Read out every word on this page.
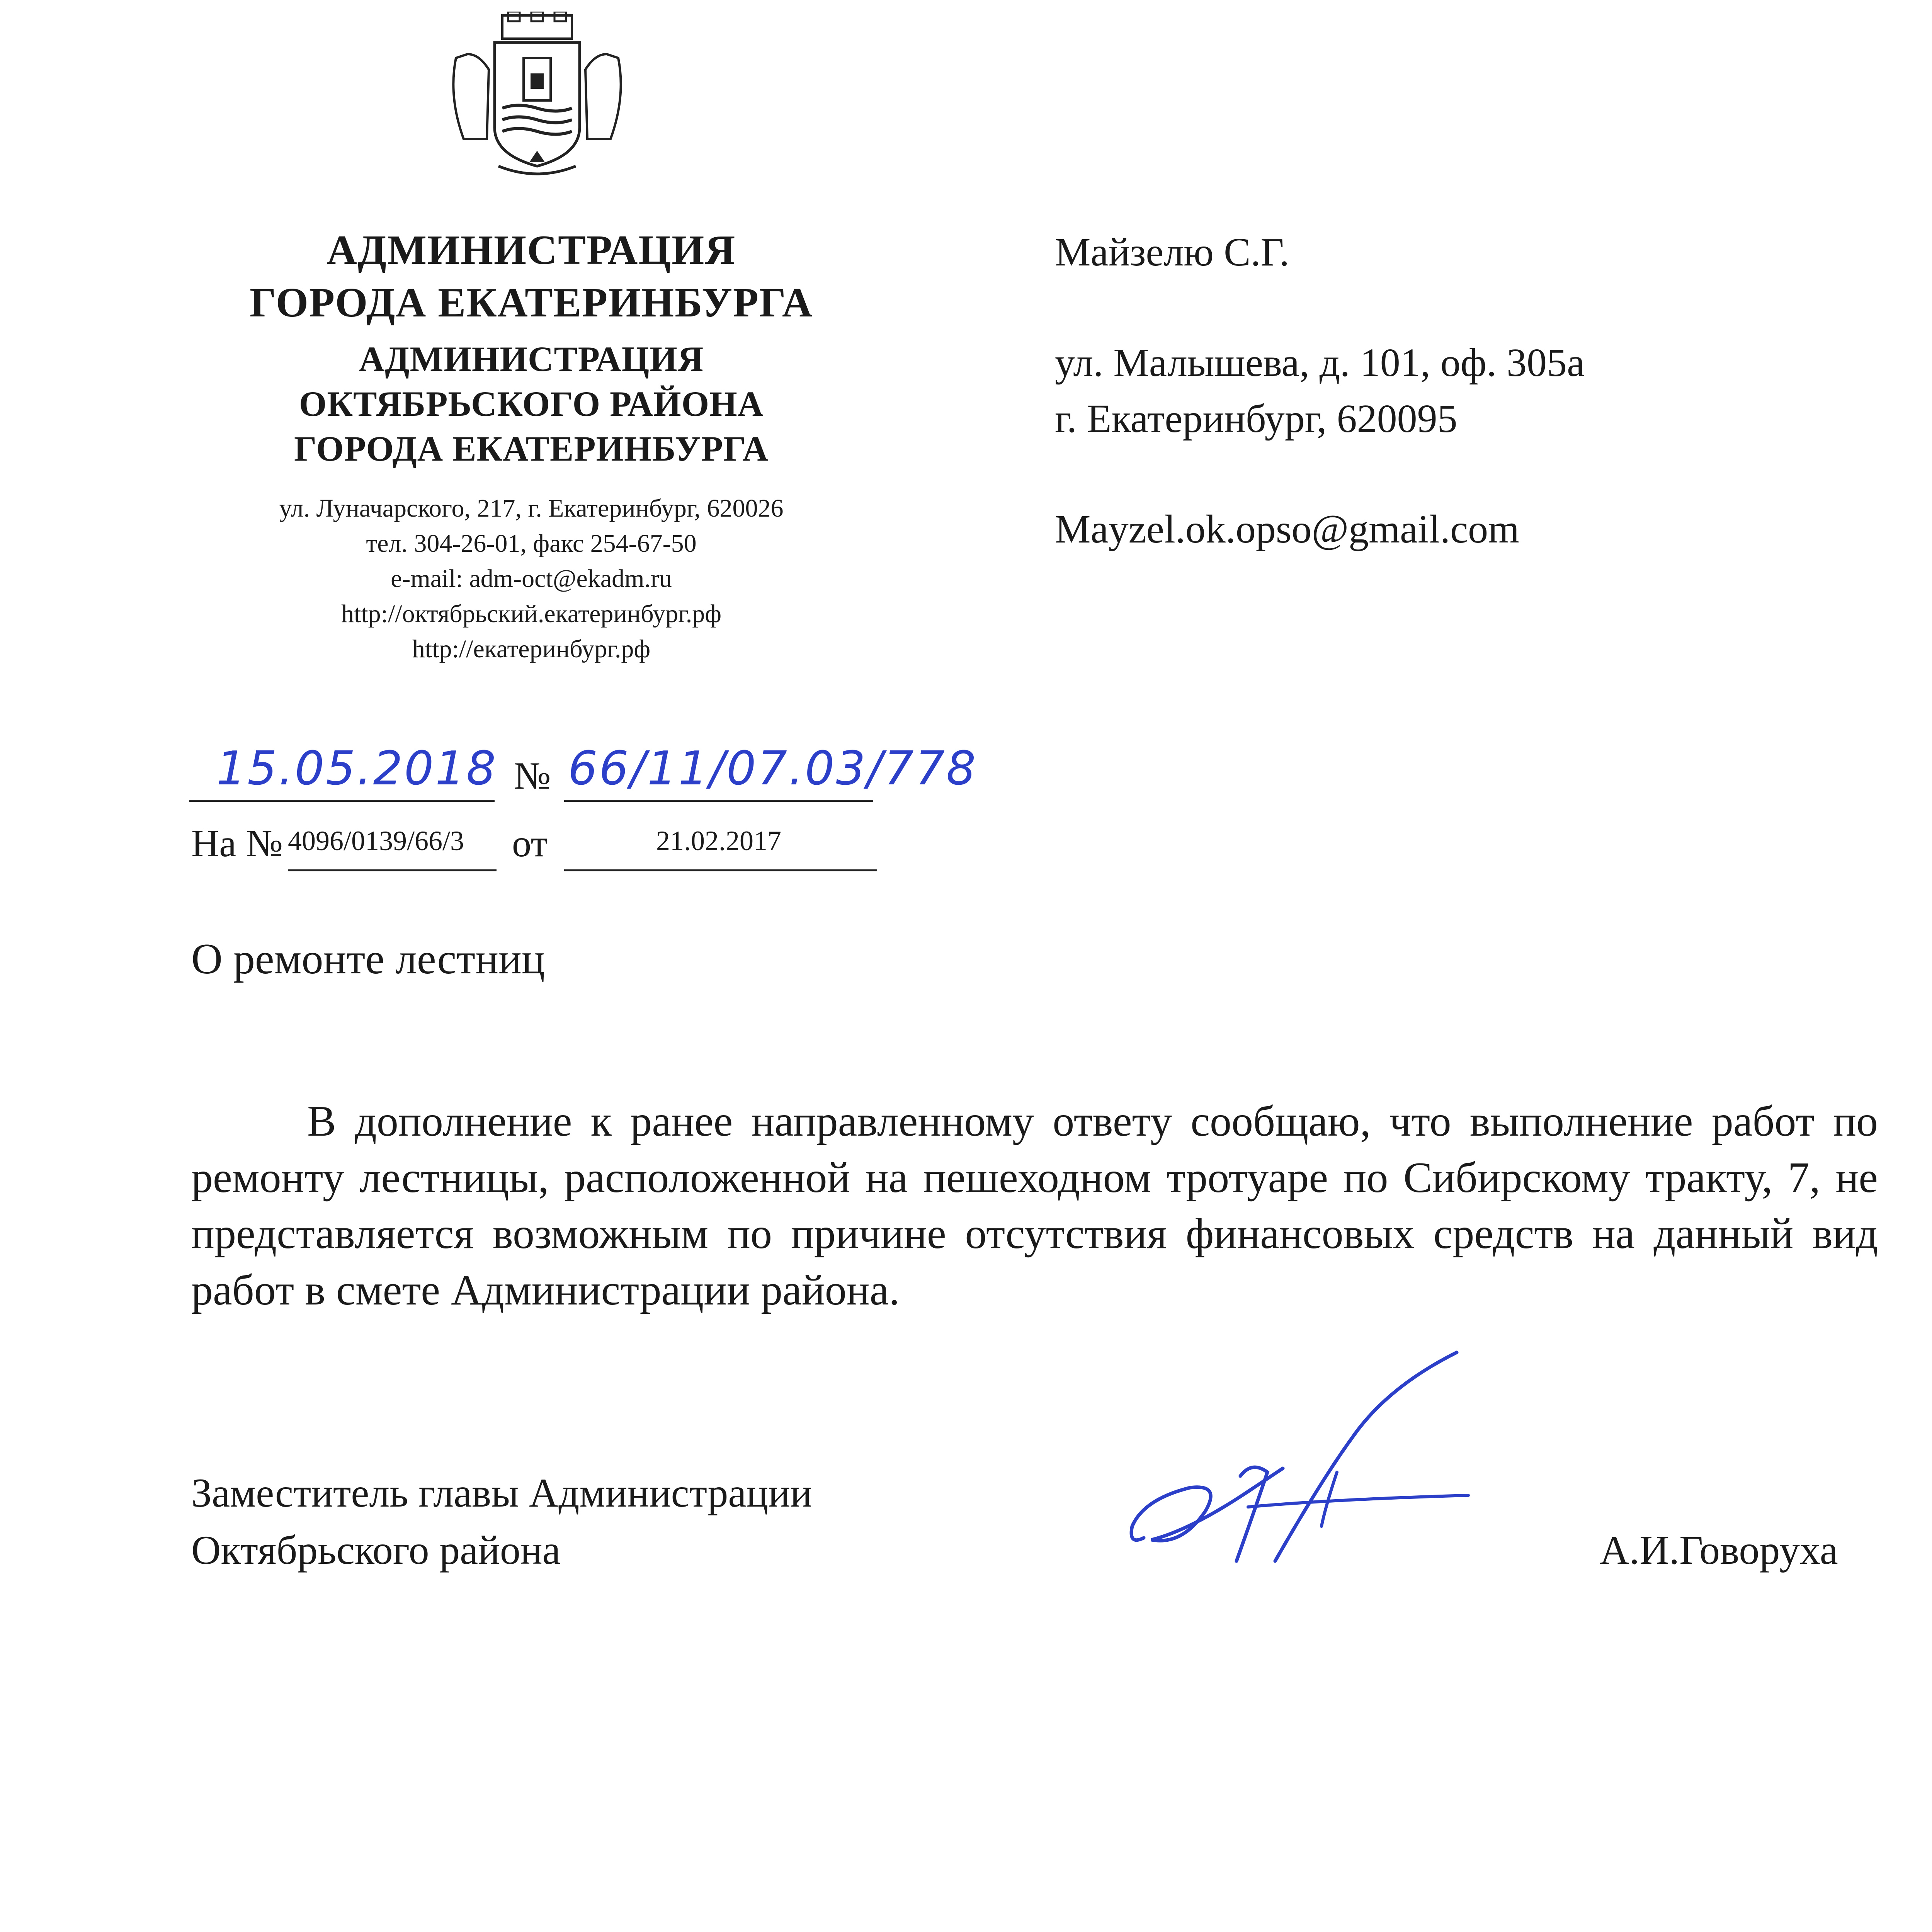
АДМИНИСТРАЦИЯ
ГОРОДА ЕКАТЕРИНБУРГА
АДМИНИСТРАЦИЯ
ОКТЯБРЬСКОГО РАЙОНА
ГОРОДА ЕКАТЕРИНБУРГА
ул. Луначарского, 217, г. Екатеринбург, 620026
тел. 304-26-01, факс 254-67-50
e-mail: adm-oct@ekadm.ru
http://октябрьский.екатеринбург.рф
http://екатеринбург.рф
Майзелю С.Г.
ул. Малышева, д. 101, оф. 305а
г. Екатеринбург, 620095
Mayzel.ok.opso@gmail.com
15.05.2018 № 66/11/07.03/778
На № 4096/0139/66/3 от	21.02.2017
О ремонте лестниц
В дополнение к ранее направленному ответу сообщаю, что выполнение работ по ремонту лестницы, расположенной на пешеходном тротуаре по Сибирскому тракту, 7, не представляется возможным по причине отсутствия финансовых средств на данный вид работ в смете Администрации района.
Заместитель главы Администрации
Октябрьского района	А.И.Говоруха
